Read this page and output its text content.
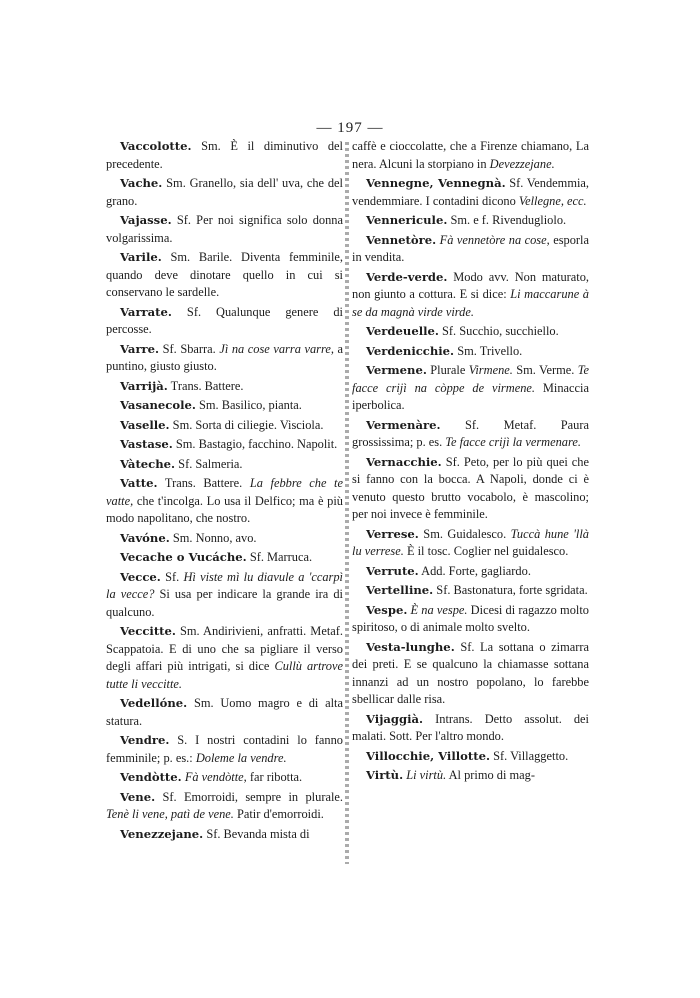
— 197 —

Vaccolotte. Sm. È il diminutivo del precedente.

Vache. Sm. Granello, sia dell' uva, che del grano.

Vajasse. Sf. Per noi significa solo donna volgarissima.

Varile. Sm. Barile. Diventa femminile, quando deve dinotare quello in cui si conservano le sardelle.

Varrate. Sf. Qualunque genere di percosse.

Varre. Sf. Sbarra. Jì na cose varra varre, a puntino, giusto giusto.

Varrijà. Trans. Battere.

Vasanecole. Sm. Basilico, pianta.

Vaselle. Sm. Sorta di ciliegie. Visciola.

Vastase. Sm. Bastagio, facchino. Napolit.

Vàteche. Sf. Salmeria.

Vatte. Trans. Battere. La febbre che te vatte, che t'incolga. Lo usa il Delfico; ma è più modo napolitano, che nostro.

Vavóne. Sm. Nonno, avo.

Vecache o Vucáche. Sf. Marruca.

Vecce. Sf. Hì viste mì lu diavule a 'ccarpì la vecce? Si usa per indicare la grande ira di qualcuno.

Veccitte. Sm. Andirivieni, anfratti. Metaf. Scappatoia. E di uno che sa pigliare il verso degli affari più intrigati, si dice Cullù artrove tutte li veccitte.

Vedellóne. Sm. Uomo magro e di alta statura.

Vendre. S. I nostri contadini lo fanno femminile; p. es.: Doleme la vendre.

Vendòtte. Fà vendòtte, far ribotta.

Vene. Sf. Emorroidi, sempre in plurale. Tenè li vene, patì de vene. Patir d'emorroidi.

Venezzejane. Sf. Bevanda mista di

caffè e cioccolatte, che a Firenze chiamano, La nera. Alcuni la storpiano in Devezzejane.

Vennegne, Vennegnà. Sf. Vendemmia, vendemmiare. I contadini dicono Vellegne, ecc.

Vennericule. Sm. e f. Rivendugliolo.

Vennetòre. Fà vennetòre na cose, esporla in vendita.

Verde-verde. Modo avv. Non maturato, non giunto a cottura. E si dice: Li maccarune à se da magnà virde virde.

Verdeuelle. Sf. Succhio, succhiello.

Verdenicchie. Sm. Trivello.

Vermene. Plurale Virmene. Sm. Verme. Te facce crijì na còppe de virmene. Minaccia iperbolica.

Vermenàre. Sf. Metaf. Paura grossissima; p. es. Te facce crijì la vermenare.

Vernacchie. Sf. Peto, per lo più quei che si fanno con la bocca. A Napoli, donde ci è venuto questo brutto vocabolo, è mascolino; per noi invece è femminile.

Verrese. Sm. Guidalesco. Tuccà hune 'llà lu verrese. È il tosc. Coglier nel guidalesco.

Verrute. Add. Forte, gagliardo.

Vertelline. Sf. Bastonatura, forte sgridata.

Vespe. È na vespe. Dicesi di ragazzo molto spiritoso, o di animale molto svelto.

Vesta-lunghe. Sf. La sottana o zimarra dei preti. E se qualcuno la chiamasse sottana innanzi ad un nostro popolano, lo farebbe sbellicar dalle risa.

Vijaggià. Intrans. Detto assolut. dei malati. Sott. Per l'altro mondo.

Villocchie, Villotte. Sf. Villaggetto.

Virtù. Li virtù. Al primo di mag-
